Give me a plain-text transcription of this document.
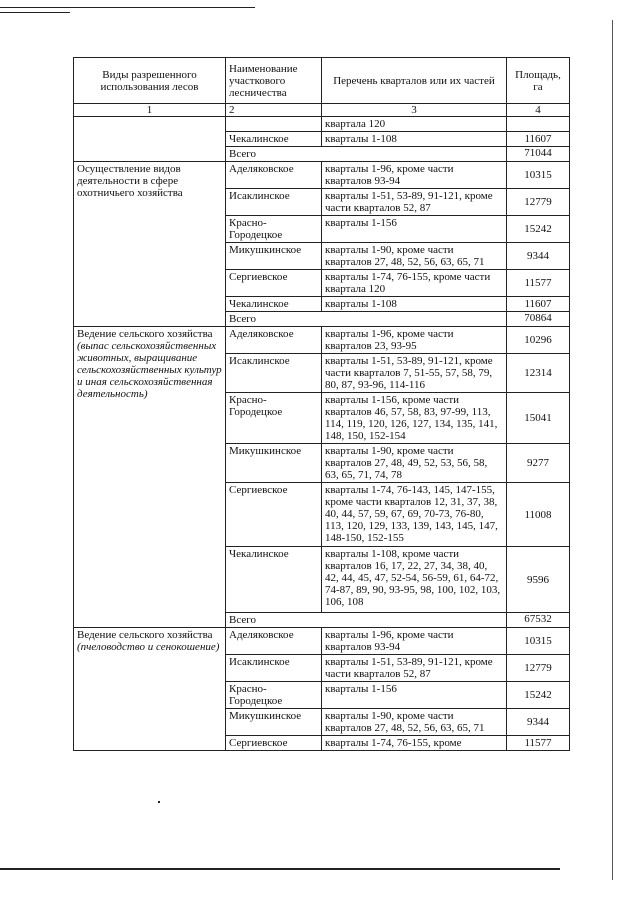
Виды разрешенного использования лесов	Наименование участкового лесничества	Перечень кварталов или их частей	Площадь, га
1	2	3	4

		квартала 120	
	Чекалинское	кварталы 1-108	11607
	Всего		71044

Осуществление видов деятельности в сфере охотничьего хозяйства	Аделяковское	кварталы 1-96, кроме части кварталов 93-94	10315
	Исаклинское	кварталы 1-51, 53-89, 91-121, кроме части кварталов 52, 87	12779
	Красно-Городецкое	кварталы 1-156	15242
	Микушкинское	кварталы 1-90, кроме части кварталов 27, 48, 52, 56, 63, 65, 71	9344
	Сергиевское	кварталы 1-74, 76-155, кроме части квартала 120	11577
	Чекалинское	кварталы 1-108	11607
	Всего		70864

Ведение сельского хозяйства
(выпас сельскохозяйственных животных, выращивание сельскохозяйственных культур и иная сельскохозяйственная деятельность)	Аделяковское	кварталы 1-96, кроме части кварталов 23, 93-95	10296
	Исаклинское	кварталы 1-51, 53-89, 91-121, кроме части кварталов 7, 51-55, 57, 58, 79, 80, 87, 93-96, 114-116	12314
	Красно-Городецкое	кварталы 1-156, кроме части кварталов 46, 57, 58, 83, 97-99, 113, 114, 119, 120, 126, 127, 134, 135, 141, 148, 150, 152-154	15041
	Микушкинское	кварталы 1-90, кроме части кварталов 27, 48, 49, 52, 53, 56, 58, 63, 65, 71, 74, 78	9277
	Сергиевское	кварталы 1-74, 76-143, 145, 147-155, кроме части кварталов 12, 31, 37, 38, 40, 44, 57, 59, 67, 69, 70-73, 76-80, 113, 120, 129, 133, 139, 143, 145, 147, 148-150, 152-155	11008
	Чекалинское	кварталы 1-108, кроме части кварталов 16, 17, 22, 27, 34, 38, 40, 42, 44, 45, 47, 52-54, 56-59, 61, 64-72, 74-87, 89, 90, 93-95, 98, 100, 102, 103, 106, 108	9596
	Всего		67532

Ведение сельского хозяйства
(пчеловодство и сенокошение)	Аделяковское	кварталы 1-96, кроме части кварталов 93-94	10315
	Исаклинское	кварталы 1-51, 53-89, 91-121, кроме части кварталов 52, 87	12779
	Красно-Городецкое	кварталы 1-156	15242
	Микушкинское	кварталы 1-90, кроме части кварталов 27, 48, 52, 56, 63, 65, 71	9344
	Сергиевское	кварталы 1-74, 76-155, кроме	11577
